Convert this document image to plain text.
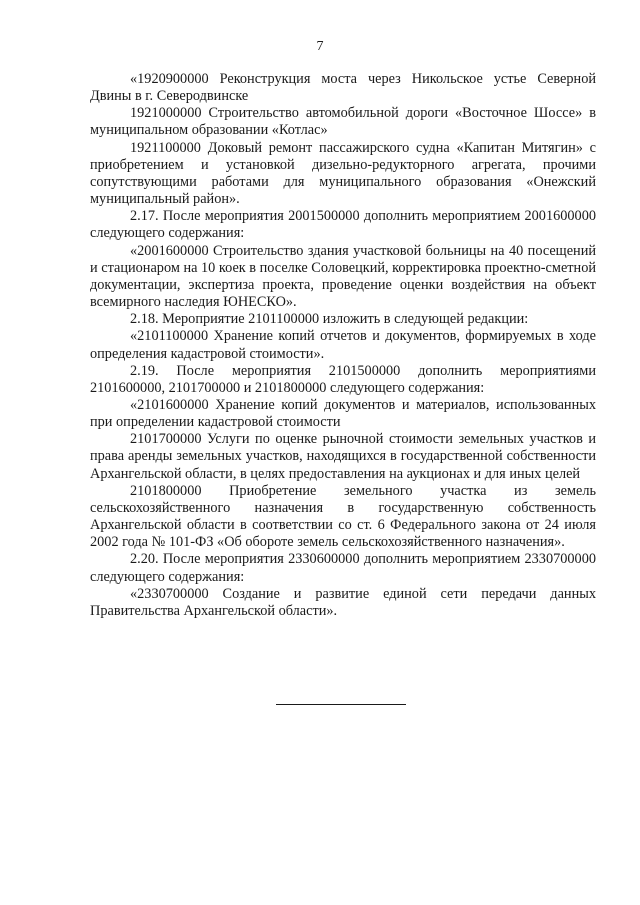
7

«1920900000 Реконструкция моста через Никольское устье Северной Двины в г. Северодвинске

1921000000 Строительство автомобильной дороги «Восточное Шоссе» в муниципальном образовании «Котлас»

1921100000 Доковый ремонт пассажирского судна «Капитан Митягин» с приобретением и установкой дизельно-редукторного агрегата, прочими сопутствующими работами для муниципального образования «Онежский муниципальный район».

2.17. После мероприятия 2001500000 дополнить мероприятием 2001600000 следующего содержания:

«2001600000 Строительство здания участковой больницы на 40 посещений и стационаром на 10 коек в поселке Соловецкий, корректировка проектно-сметной документации, экспертиза проекта, проведение оценки воздействия на объект всемирного наследия ЮНЕСКО».

2.18. Мероприятие 2101100000 изложить в следующей редакции:

«2101100000 Хранение копий отчетов и документов, формируемых в ходе определения кадастровой стоимости».

2.19. После мероприятия 2101500000 дополнить мероприятиями 2101600000, 2101700000 и 2101800000 следующего содержания:

«2101600000 Хранение копий документов и материалов, использованных при определении кадастровой стоимости

2101700000 Услуги по оценке рыночной стоимости земельных участков и права аренды земельных участков, находящихся в государственной собственности Архангельской области, в целях предоставления на аукционах и для иных целей

2101800000 Приобретение земельного участка из земель сельскохозяйственного назначения в государственную собственность Архангельской области в соответствии со ст. 6 Федерального закона от 24 июля 2002 года № 101-ФЗ «Об обороте земель сельскохозяйственного назначения».

2.20. После мероприятия 2330600000 дополнить мероприятием 2330700000 следующего содержания:

«2330700000 Создание и развитие единой сети передачи данных Правительства Архангельской области».
